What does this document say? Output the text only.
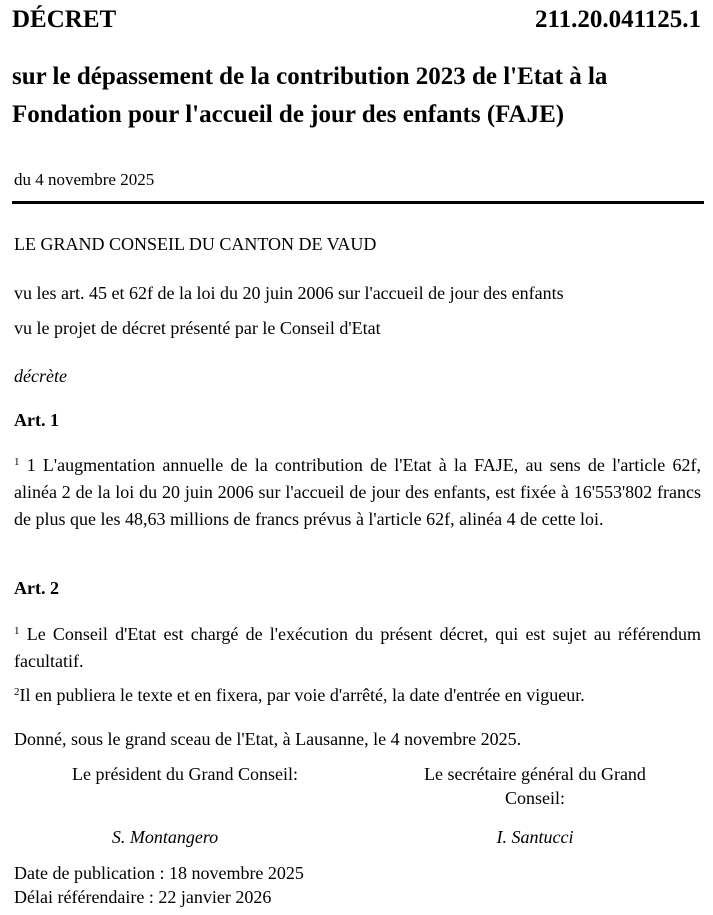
DÉCRET	211.20.041125.1
sur le dépassement de la contribution 2023 de l'Etat à la Fondation pour l'accueil de jour des enfants (FAJE)
du 4 novembre 2025
LE GRAND CONSEIL DU CANTON DE VAUD
vu les art. 45 et 62f de la loi du 20 juin 2006 sur l'accueil de jour des enfants
vu le projet de décret présenté par le Conseil d'Etat
décrète
Art. 1
$^1$ 1 L'augmentation annuelle de la contribution de l'Etat à la FAJE, au sens de l'article 62f, alinéa 2 de la loi du 20 juin 2006 sur l'accueil de jour des enfants, est fixée à 16'553'802 francs de plus que les 48,63 millions de francs prévus à l'article 62f, alinéa 4 de cette loi.
Art. 2
$^1$ Le Conseil d'Etat est chargé de l'exécution du présent décret, qui est sujet au référendum facultatif.
$^2$Il en publiera le texte et en fixera, par voie d'arrêté, la date d'entrée en vigueur.
Donné, sous le grand sceau de l'Etat, à Lausanne, le 4 novembre 2025.
Le président du Grand Conseil:	Le secrétaire général du Grand Conseil:
S. Montangero	I. Santucci
Date de publication : 18 novembre 2025
Délai référendaire : 22 janvier 2026
